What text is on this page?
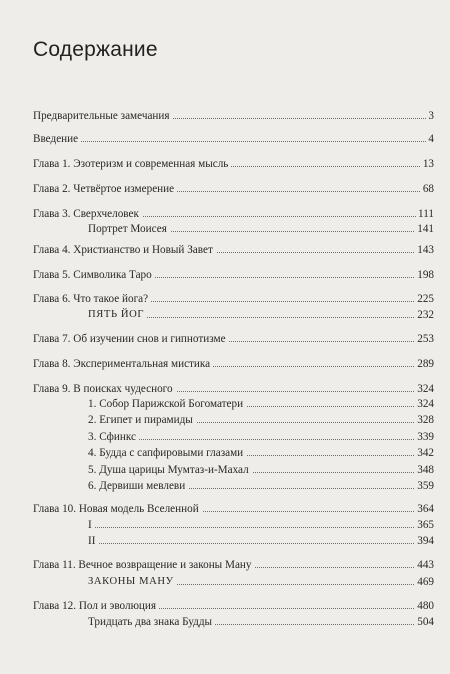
Содержание
Предварительные замечания	3
Введение	4
Глава 1. Эзотеризм и современная мысль	13
Глава 2. Четвёртое измерение	68
Глава 3. Сверхчеловек	111
Портрет Моисея	141
Глава 4. Христианство и Новый Завет	143
Глава 5. Символика Таро	198
Глава 6. Что такое йога?	225
ПЯТЬ ЙОГ	232
Глава 7. Об изучении снов и гипнотизме	253
Глава 8. Экспериментальная мистика	289
Глава 9. В поисках чудесного	324
1. Собор Парижской Богоматери	324
2. Египет и пирамиды	328
3. Сфинкс	339
4. Будда с сапфировыми глазами	342
5. Душа царицы Мумтаз-и-Махал	348
6. Дервиши мевлеви	359
Глава 10. Новая модель Вселенной	364
I	365
II	394
Глава 11. Вечное возвращение и законы Ману	443
ЗАКОНЫ МАНУ	469
Глава 12. Пол и эволюция	480
Тридцать два знака Будды	504
